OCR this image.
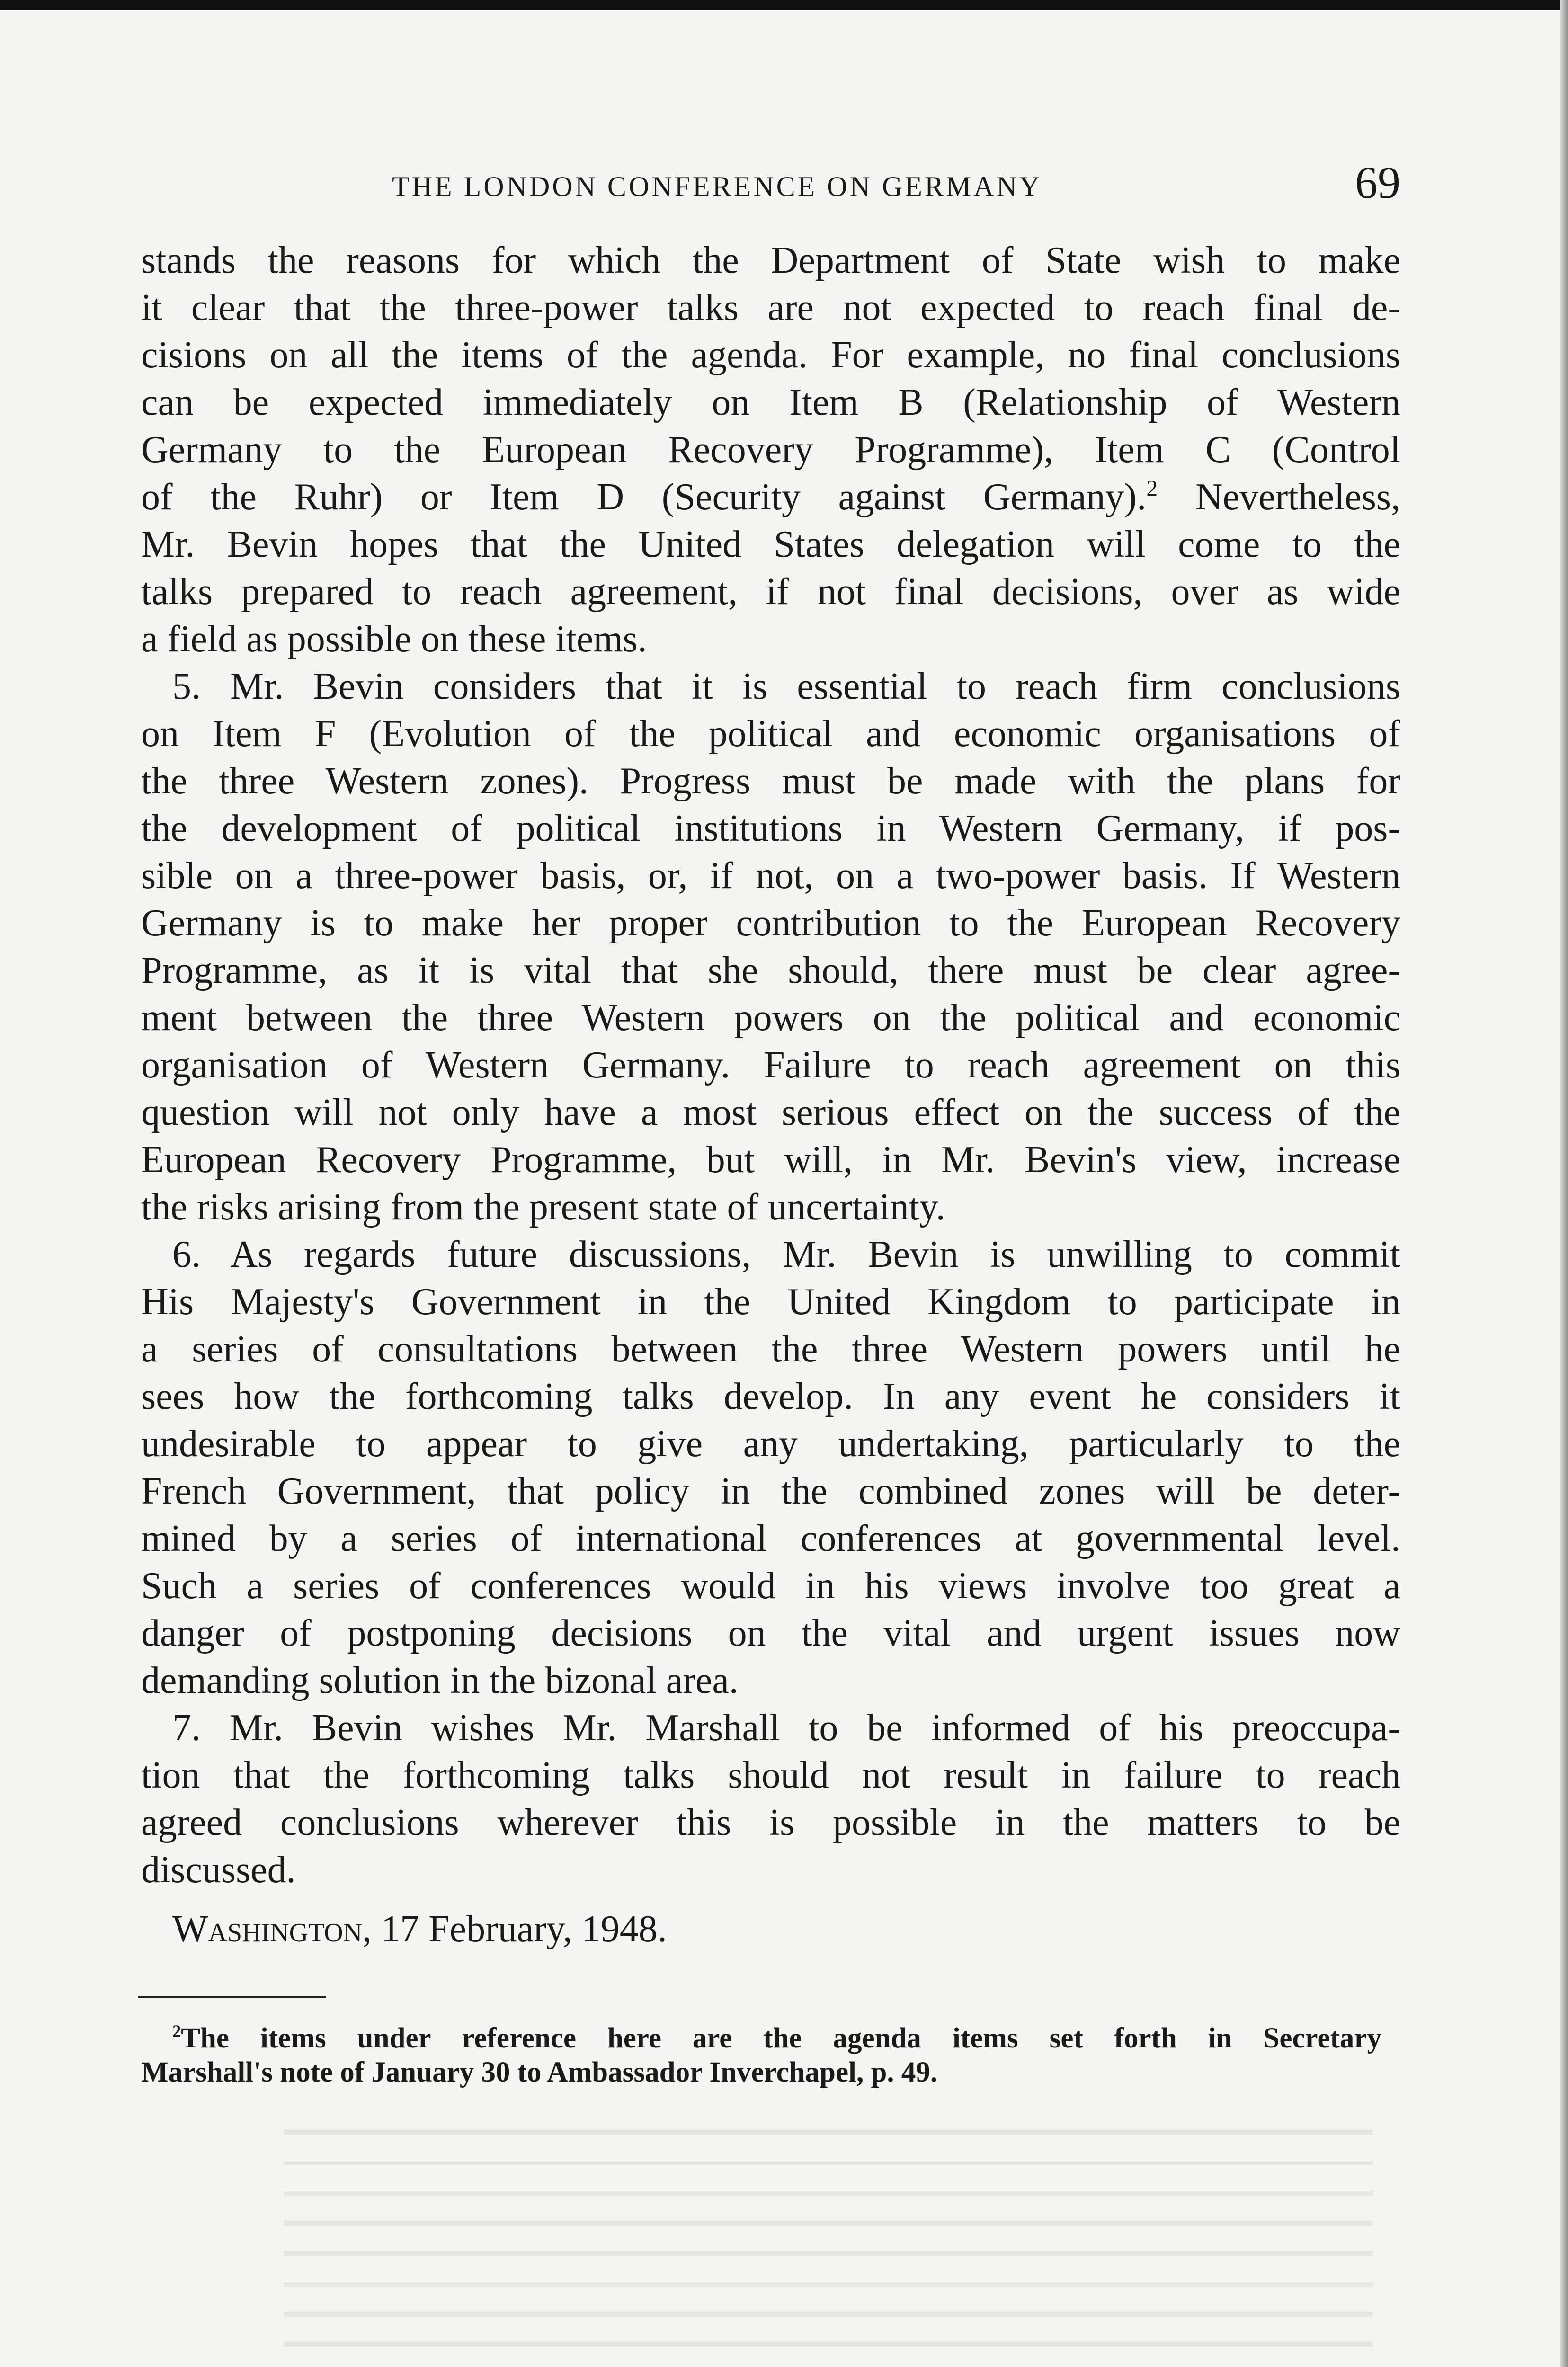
THE LONDON CONFERENCE ON GERMANY	69
stands the reasons for which the Department of State wish to make
it clear that the three-power talks are not expected to reach final de-
cisions on all the items of the agenda. For example, no final conclusions
can be expected immediately on Item B (Relationship of Western
Germany to the European Recovery Programme), Item C (Control
of the Ruhr) or Item D (Security against Germany).$^2$ Nevertheless,
Mr. Bevin hopes that the United States delegation will come to the
talks prepared to reach agreement, if not final decisions, over as wide
a field as possible on these items.
5. Mr. Bevin considers that it is essential to reach firm conclusions
on Item F (Evolution of the political and economic organisations of
the three Western zones). Progress must be made with the plans for
the development of political institutions in Western Germany, if pos-
sible on a three-power basis, or, if not, on a two-power basis. If Western
Germany is to make her proper contribution to the European Recovery
Programme, as it is vital that she should, there must be clear agree-
ment between the three Western powers on the political and economic
organisation of Western Germany. Failure to reach agreement on this
question will not only have a most serious effect on the success of the
European Recovery Programme, but will, in Mr. Bevin's view, increase
the risks arising from the present state of uncertainty.
6. As regards future discussions, Mr. Bevin is unwilling to commit
His Majesty's Government in the United Kingdom to participate in
a series of consultations between the three Western powers until he
sees how the forthcoming talks develop. In any event he considers it
undesirable to appear to give any undertaking, particularly to the
French Government, that policy in the combined zones will be deter-
mined by a series of international conferences at governmental level.
Such a series of conferences would in his views involve too great a
danger of postponing decisions on the vital and urgent issues now
demanding solution in the bizonal area.
7. Mr. Bevin wishes Mr. Marshall to be informed of his preoccupa-
tion that the forthcoming talks should not result in failure to reach
agreed conclusions wherever this is possible in the matters to be
discussed.
Washington, 17 February, 1948.
$^2$The items under reference here are the agenda items set forth in Secretary
Marshall's note of January 30 to Ambassador Inverchapel, p. 49.
